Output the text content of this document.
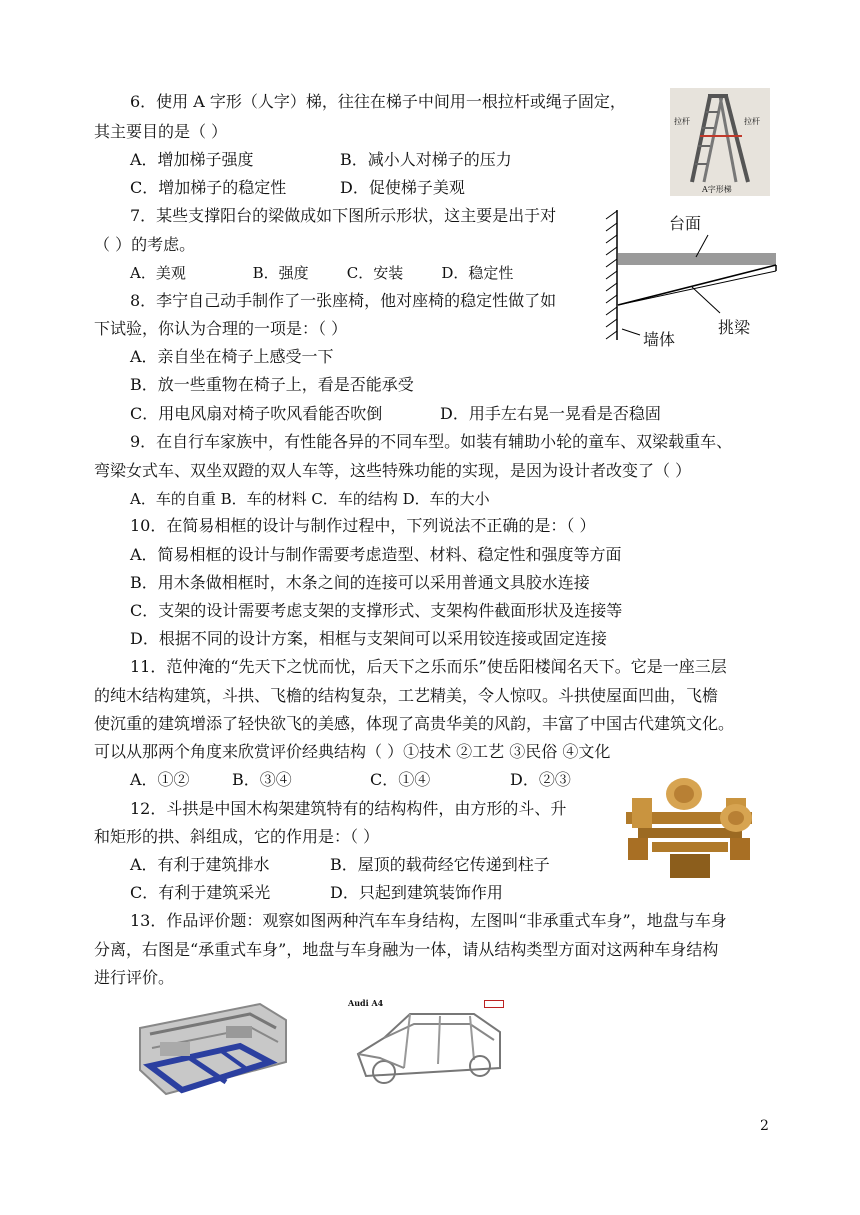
6．使用 A 字形（人字）梯，往往在梯子中间用一根拉杆或绳子固定，
其主要目的是（ ）
A．增加梯子强度	B．减小人对梯子的压力
C．增加梯子的稳定性	D．促使梯子美观
拉杆	拉杆
A字形梯
7．某些支撑阳台的梁做成如下图所示形状，这主要是出于对
（ ）的考虑。
A．美观              B．强度        C．安装        D．稳定性
台面
墙体
挑梁
8．李宁自己动手制作了一张座椅，他对座椅的稳定性做了如
下试验，你认为合理的一项是：（ ）
A．亲自坐在椅子上感受一下
B．放一些重物在椅子上，看是否能承受
C．用电风扇对椅子吹风看能否吹倒	D．用手左右晃一晃看是否稳固
9．在自行车家族中，有性能各异的不同车型。如装有辅助小轮的童车、双梁载重车、
弯梁女式车、双坐双蹬的双人车等，这些特殊功能的实现，是因为设计者改变了（ ）
A．车的自重 B．车的材料 C．车的结构 D．车的大小
10．在简易相框的设计与制作过程中，下列说法不正确的是：（ ）
A．简易相框的设计与制作需要考虑造型、材料、稳定性和强度等方面
B．用木条做相框时，木条之间的连接可以采用普通文具胶水连接
C．支架的设计需要考虑支架的支撑形式、支架构件截面形状及连接等
D．根据不同的设计方案，相框与支架间可以采用铰连接或固定连接
11．范仲淹的“先天下之忧而忧，后天下之乐而乐”使岳阳楼闻名天下。它是一座三层
的纯木结构建筑，斗拱、飞檐的结构复杂，工艺精美，令人惊叹。斗拱使屋面凹曲，飞檐
使沉重的建筑增添了轻快欲飞的美感，体现了高贵华美的风韵，丰富了中国古代建筑文化。
可以从那两个角度来欣赏评价经典结构（ ）①技术 ②工艺 ③民俗 ④文化
A．①②	B．③④	C．①④	D．②③
12．斗拱是中国木构架建筑特有的结构构件，由方形的斗、升
和矩形的拱、斜组成，它的作用是：（ ）
A．有利于建筑排水	B．屋顶的载荷经它传递到柱子
C．有利于建筑采光	D．只起到建筑装饰作用
13．作品评价题：观察如图两种汽车车身结构，左图叫“非承重式车身”，地盘与车身
分离，右图是“承重式车身”，地盘与车身融为一体，请从结构类型方面对这两种车身结构
进行评价。
Audi A4
2
